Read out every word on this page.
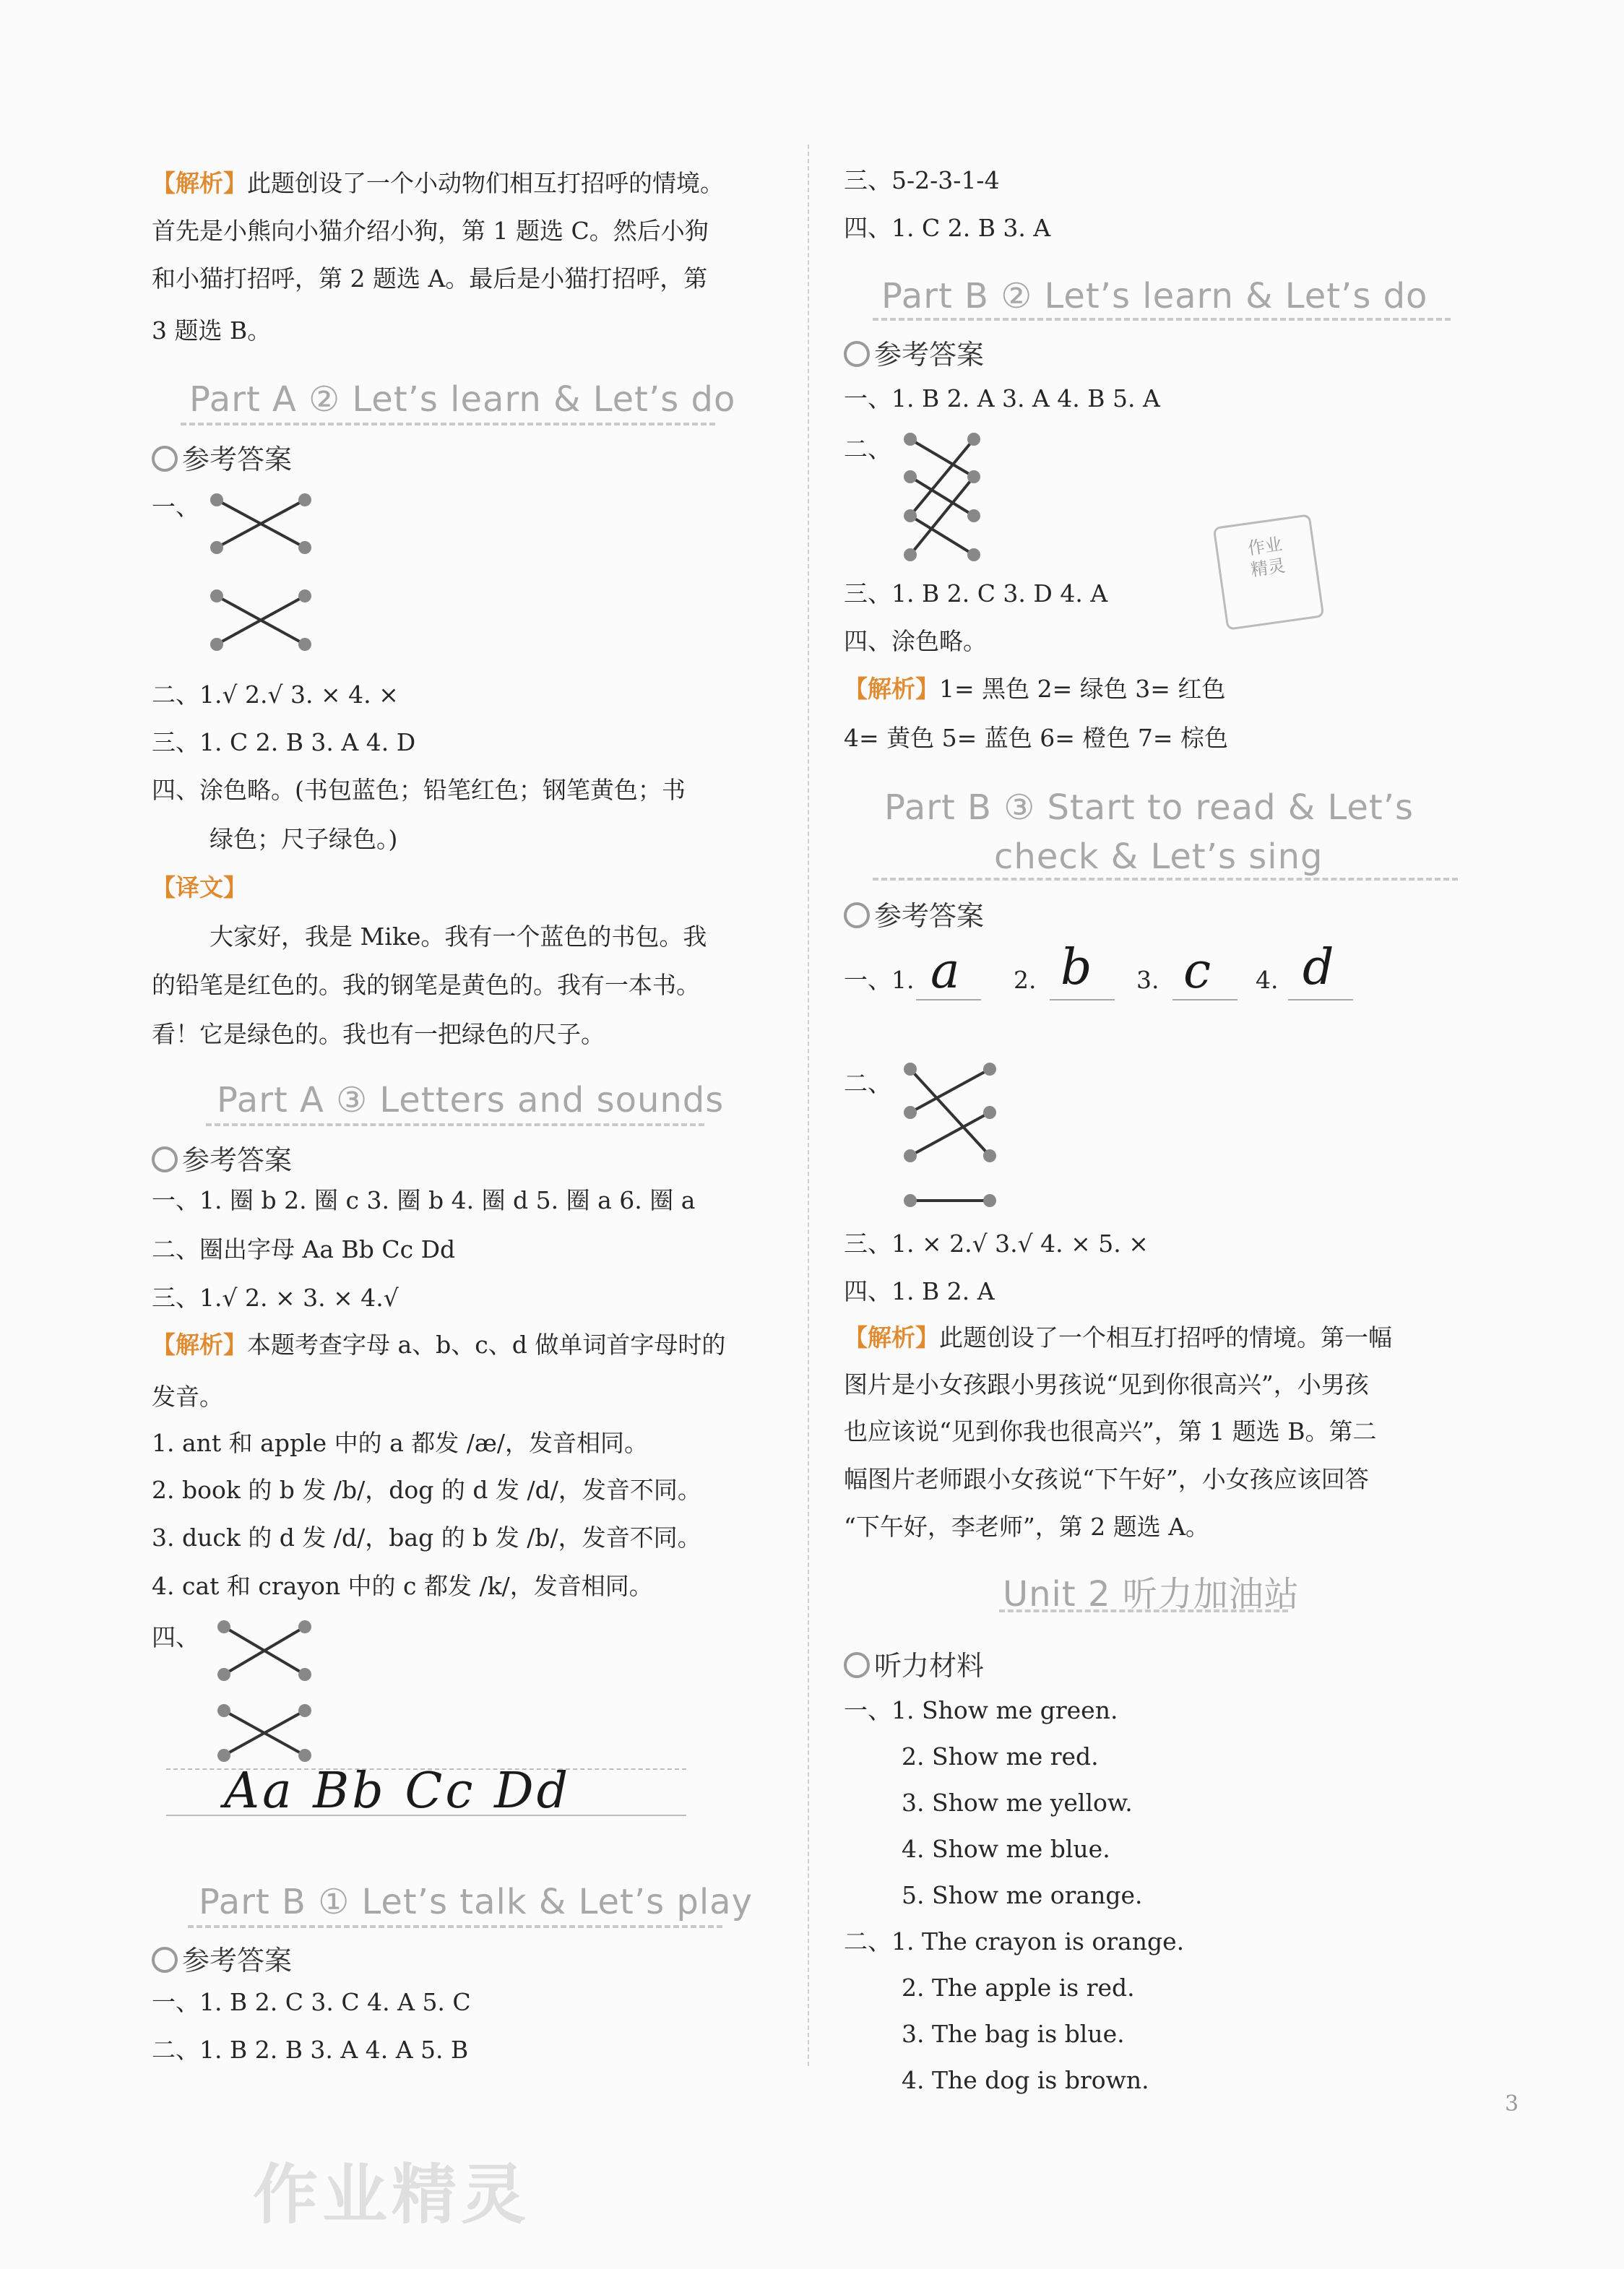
【解析】此题创设了一个小动物们相互打招呼的情境。
首先是小熊向小猫介绍小狗，第 1 题选 C。然后小狗
和小猫打招呼，第 2 题选 A。最后是小猫打招呼，第
3 题选 B。
Part A ② Let’s learn & Let’s do
参考答案
一、
二、1.√ 2.√ 3. × 4. ×
三、1. C 2. B 3. A 4. D
四、涂色略。(书包蓝色；铅笔红色；钢笔黄色；书
绿色；尺子绿色。)
【译文】
大家好，我是 Mike。我有一个蓝色的书包。我
的铅笔是红色的。我的钢笔是黄色的。我有一本书。
看！它是绿色的。我也有一把绿色的尺子。
Part A ③ Letters and sounds
参考答案
一、1. 圈 b 2. 圈 c 3. 圈 b 4. 圈 d 5. 圈 a 6. 圈 a
二、圈出字母 Aa Bb Cc Dd
三、1.√ 2. × 3. × 4.√
【解析】本题考查字母 a、b、c、d 做单词首字母时的
发音。
1. ant 和 apple 中的 a 都发 /æ/，发音相同。
2. book 的 b 发 /b/，dog 的 d 发 /d/，发音不同。
3. duck 的 d 发 /d/，bag 的 b 发 /b/，发音不同。
4. cat 和 crayon 中的 c 都发 /k/，发音相同。
四、
Aa Bb Cc Dd
Part B ① Let’s talk & Let’s play
参考答案
一、1. B 2. C 3. C 4. A 5. C
二、1. B 2. B 3. A 4. A 5. B
三、5-2-3-1-4
四、1. C 2. B 3. A
Part B ② Let’s learn & Let’s do
参考答案
一、1. B 2. A 3. A 4. B 5. A
二、
作业
精灵
三、1. B 2. C 3. D 4. A
四、涂色略。
【解析】1= 黑色 2= 绿色 3= 红色
4= 黄色 5= 蓝色 6= 橙色 7= 棕色
Part B ③ Start to read & Let’s
check & Let’s sing
参考答案
一、1. a 2. b 3. c 4. d
二、
三、1. × 2.√ 3.√ 4. × 5. ×
四、1. B 2. A
【解析】此题创设了一个相互打招呼的情境。第一幅
图片是小女孩跟小男孩说“见到你很高兴”，小男孩
也应该说“见到你我也很高兴”，第 1 题选 B。第二
幅图片老师跟小女孩说“下午好”，小女孩应该回答
“下午好，李老师”，第 2 题选 A。
Unit 2 听力加油站
听力材料
一、1. Show me green.
2. Show me red.
3. Show me yellow.
4. Show me blue.
5. Show me orange.
二、1. The crayon is orange.
2. The apple is red.
3. The bag is blue.
4. The dog is brown.
作业精灵
3
